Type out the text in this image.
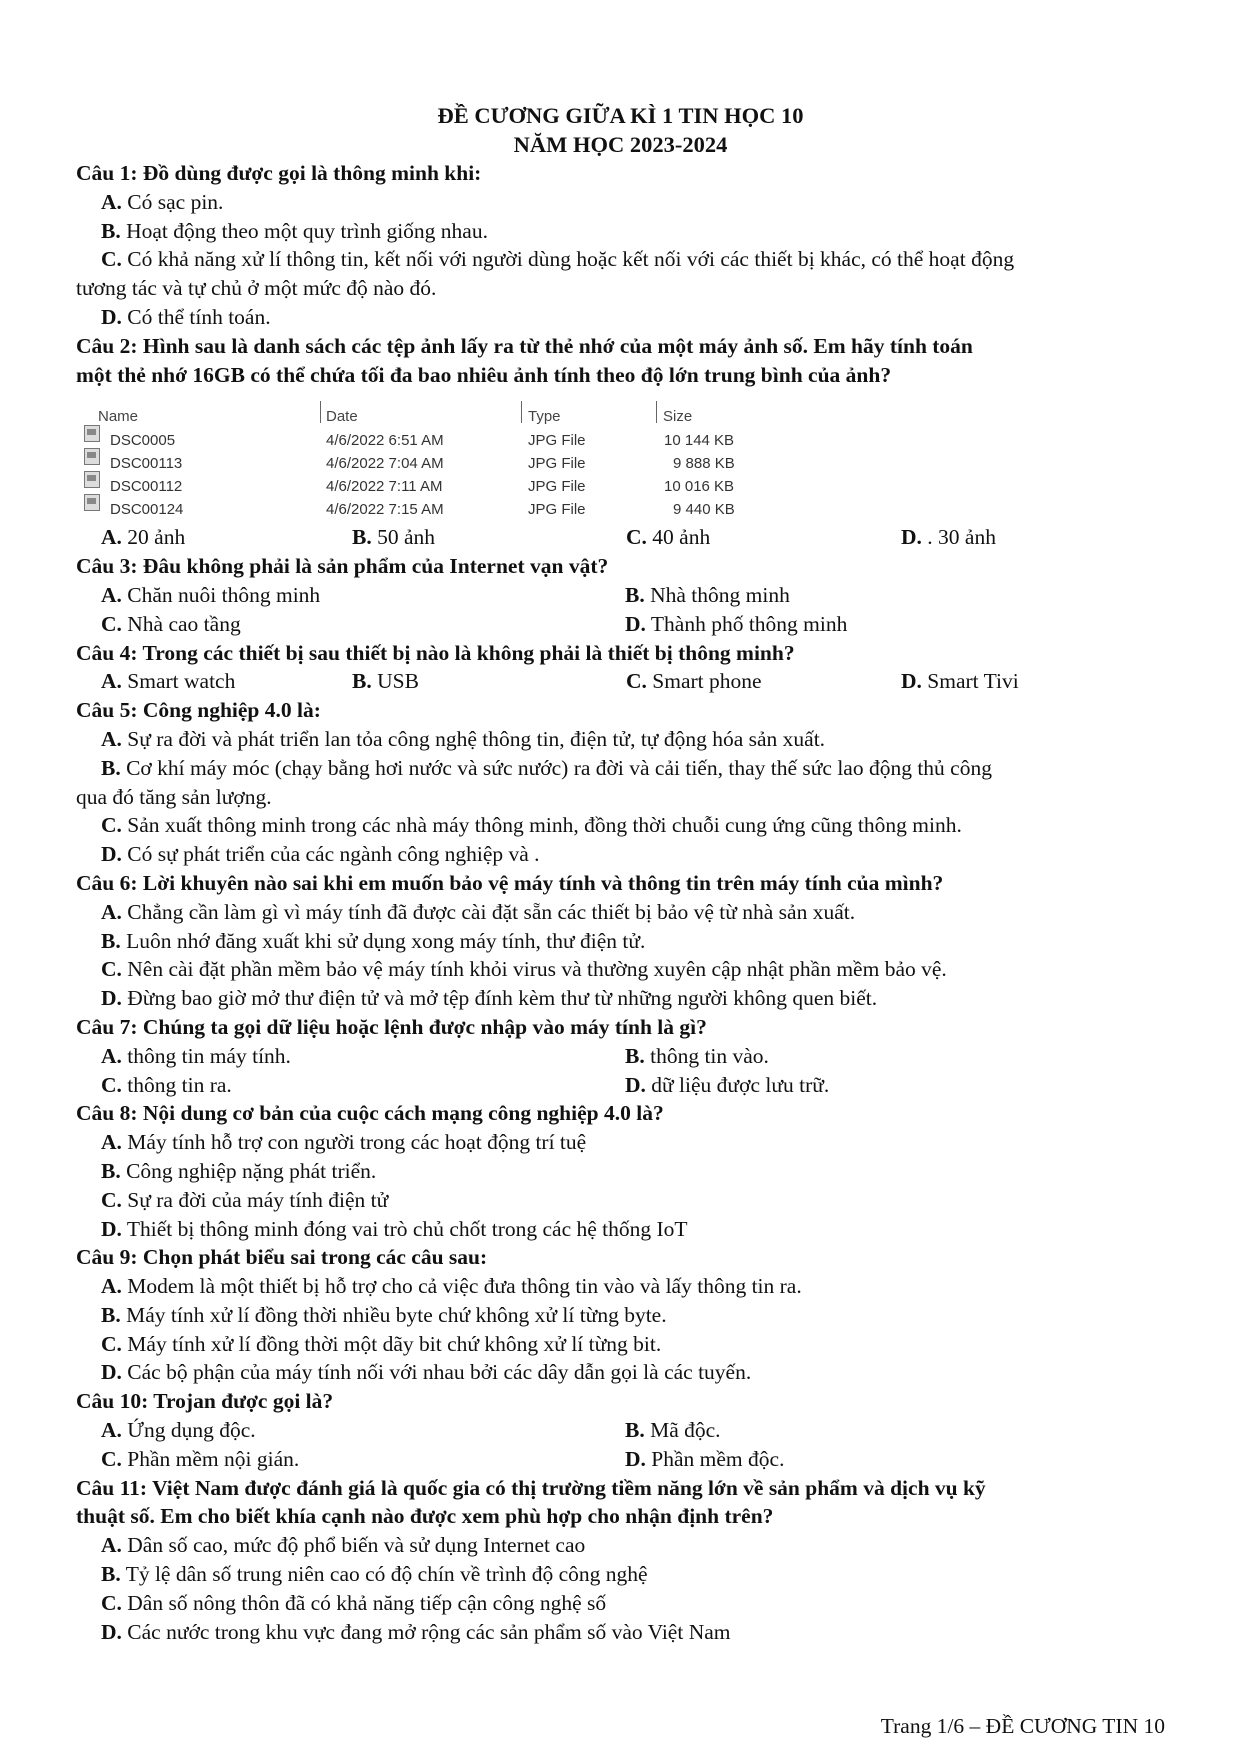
ĐỀ CƯƠNG GIỮA KÌ 1 TIN HỌC 10
NĂM HỌC 2023-2024
Câu 1: Đồ dùng được gọi là thông minh khi:
A. Có sạc pin.
B. Hoạt động theo một quy trình giống nhau.
C. Có khả năng xử lí thông tin, kết nối với người dùng hoặc kết nối với các thiết bị khác, có thể hoạt động
tương tác và tự chủ ở một mức độ nào đó.
D. Có thể tính toán.
Câu 2: Hình sau là danh sách các tệp ảnh lấy ra từ thẻ nhớ của một máy ảnh số. Em hãy tính toán
một thẻ nhớ 16GB có thể chứa tối đa bao nhiêu ảnh tính theo độ lớn trung bình của ảnh?
Name	Date	Type	Size
DSC0005	4/6/2022 6:51 AM	JPG File	10 144 KB
DSC00113	4/6/2022 7:04 AM	JPG File	9 888 KB
DSC00112	4/6/2022 7:11 AM	JPG File	10 016 KB
DSC00124	4/6/2022 7:15 AM	JPG File	9 440 KB
A. 20 ảnh	B. 50 ảnh	C. 40 ảnh	D. . 30 ảnh
Câu 3: Đâu không phải là sản phẩm của Internet vạn vật?
A. Chăn nuôi thông minh	B. Nhà thông minh
C. Nhà cao tầng	D. Thành phố thông minh
Câu 4: Trong các thiết bị sau thiết bị nào là không phải là thiết bị thông minh?
A. Smart watch	B. USB	C. Smart phone	D. Smart Tivi
Câu 5: Công nghiệp 4.0 là:
A. Sự ra đời và phát triển lan tỏa công nghệ thông tin, điện tử, tự động hóa sản xuất.
B. Cơ khí máy móc (chạy bằng hơi nước và sức nước) ra đời và cải tiến, thay thế sức lao động thủ công
qua đó tăng sản lượng.
C. Sản xuất thông minh trong các nhà máy thông minh, đồng thời chuỗi cung ứng cũng thông minh.
D. Có sự phát triển của các ngành công nghiệp và .
Câu 6: Lời khuyên nào sai khi em muốn bảo vệ máy tính và thông tin trên máy tính của mình?
A. Chẳng cần làm gì vì máy tính đã được cài đặt sẵn các thiết bị bảo vệ từ nhà sản xuất.
B. Luôn nhớ đăng xuất khi sử dụng xong máy tính, thư điện tử.
C. Nên cài đặt phần mềm bảo vệ máy tính khỏi virus và thường xuyên cập nhật phần mềm bảo vệ.
D. Đừng bao giờ mở thư điện tử và mở tệp đính kèm thư từ những người không quen biết.
Câu 7: Chúng ta gọi dữ liệu hoặc lệnh được nhập vào máy tính là gì?
A. thông tin máy tính.	B. thông tin vào.
C. thông tin ra.	D. dữ liệu được lưu trữ.
Câu 8: Nội dung cơ bản của cuộc cách mạng công nghiệp 4.0 là?
A. Máy tính hỗ trợ con người trong các hoạt động trí tuệ
B. Công nghiệp nặng phát triển.
C. Sự ra đời của máy tính điện tử
D. Thiết bị thông minh đóng vai trò chủ chốt trong các hệ thống IoT
Câu 9: Chọn phát biểu sai trong các câu sau:
A. Modem là một thiết bị hỗ trợ cho cả việc đưa thông tin vào và lấy thông tin ra.
B. Máy tính xử lí đồng thời nhiều byte chứ không xử lí từng byte.
C. Máy tính xử lí đồng thời một dãy bit chứ không xử lí từng bit.
D. Các bộ phận của máy tính nối với nhau bởi các dây dẫn gọi là các tuyến.
Câu 10: Trojan được gọi là?
A. Ứng dụng độc.	B. Mã độc.
C. Phần mềm nội gián.	D. Phần mềm độc.
Câu 11: Việt Nam được đánh giá là quốc gia có thị trường tiềm năng lớn về sản phẩm và dịch vụ kỹ
thuật số. Em cho biết khía cạnh nào được xem phù hợp cho nhận định trên?
A. Dân số cao, mức độ phổ biến và sử dụng Internet cao
B. Tỷ lệ dân số trung niên cao có độ chín về trình độ công nghệ
C. Dân số nông thôn đã có khả năng tiếp cận công nghệ số
D. Các nước trong khu vực đang mở rộng các sản phẩm số vào Việt Nam
Trang 1/6 – ĐỀ CƯƠNG TIN 10
